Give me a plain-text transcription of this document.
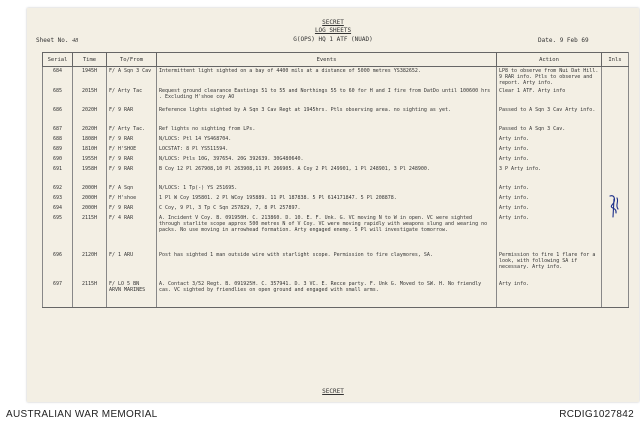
SECRET
LOG SHEETS
G(OPS) HQ 1 ATF (NUAD)
Sheet No. 48	Date. 9 Feb 69
SECRET
Serial	Time	To/From	Events	Action	Inls
684	1945H	F/ A Sqn 3 Cav	Intermittent light sighted on a bay of 4400 mils at a distance of 5000 metres YS382652.	LP8 to observe from Nui Dat Hill. 9 RAR info. Ptls to observe and report. Arty info.	
685	2015H	F/ Arty Tac	Request ground clearance Eastings 51 to 55 and Northings 55 to 60 for H and I fire from DatDo until 100600 hrs . Excluding H'shoe coy AO	Clear 1 ATF. Arty info	
686	2020H	F/ 9 RAR	Reference lights sighted by A Sqn 3 Cav Regt at 1945hrs. Ptls observing area. no sighting as yet.	Passed to A Sqn 3 Cav Arty info.	
687	2020H	F/ Arty Tac.	Ref lights no sighting from LPs.	Passed to A Sqn 3 Cav.	
688	1808H	F/ 9 RAR	N/LOCS: Ptl 14 YS468704.	Arty info.	
689	1810H	F/ H'SHOE	LOCSTAT: 8 Pl YS511594.	Arty info.	
690	1955H	F/ 9 RAR	N/LOCS: Ptls 10G, 397654. 20G 392639. 30G480640.	Arty info.	
691	1958H	F/ 9 RAR	B Coy 12 Pl 267908,10 Pl 263908,11 Pl 266905. A Coy 2 Pl 249901, 1 Pl 248901, 3 Pl 248900.	3 P Arty info.	
692	2000H	F/ A Sqn	N/LOCS: 1 Tp(-) YS 251695.	Arty info.	
693	2000H	F/ H'shoe	1 Pl W Coy 195801. 2 Pl WCoy 195889. 11 Pl 187838. 5 Pl 614171847. 5 Pl 208878.	Arty info.	
694	2000H	F/ 9 RAR	C Coy, 9 Pl, 3 Tp C Sqn 257829, 7, 8 Pl 257897.	Arty info.	
695	2115H	F/ 4 RAR	A. Incident V Coy. B. 091950H. C. 213860. D. 10. E. F. Unk. G. VC moving N to W in open. VC were sighted through starlite scope approx 500 metres N of V Coy. VC were moving rapidly with weapons slung and wearing no packs. No use moving in arrowhead formation. Arty engaged enemy. 5 Pl will investigate tomorrow.	Arty info.	
696	2120H	F/ 1 ARU	Post has sighted 1 man outside wire with starlight scope. Permission to fire claymores, SA.	Permission to fire 1 flare for a look, with following SA if necessary. Arty info.	
697	2115H	F/ LO 5 BN ARVN MARINES	A. Contact 3/52 Regt. B. 091925H. C. 357941. D. 3 VC. E. Recce party. F. Unk G. Moved to SW. H. No friendly cas. VC sighted by friendlies on open ground and engaged with small arms.	Arty info.	
AUSTRALIAN WAR MEMORIAL	RCDIG1027842
